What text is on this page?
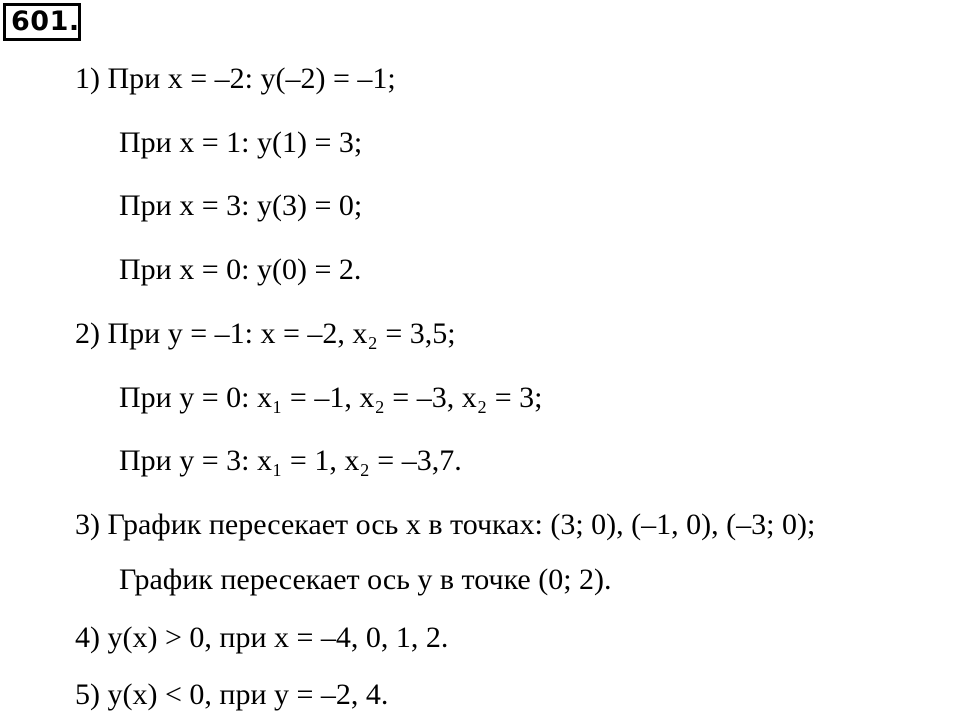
601.
1) При x = –2: y(–2) = –1;
При x = 1: y(1) = 3;
При x = 3: y(3) = 0;
При x = 0: y(0) = 2.
2) При y = –1: x = –2, x₂ = 3,5;
При y = 0: x₁ = –1, x₂ = –3, x₂ = 3;
При y = 3: x₁ = 1, x₂ = –3,7.
3) График пересекает ось x в точках: (3; 0), (–1, 0), (–3; 0);
График пересекает ось y в точке (0; 2).
4) y(x) > 0, при x = –4, 0, 1, 2.
5) y(x) < 0, при y = –2, 4.
